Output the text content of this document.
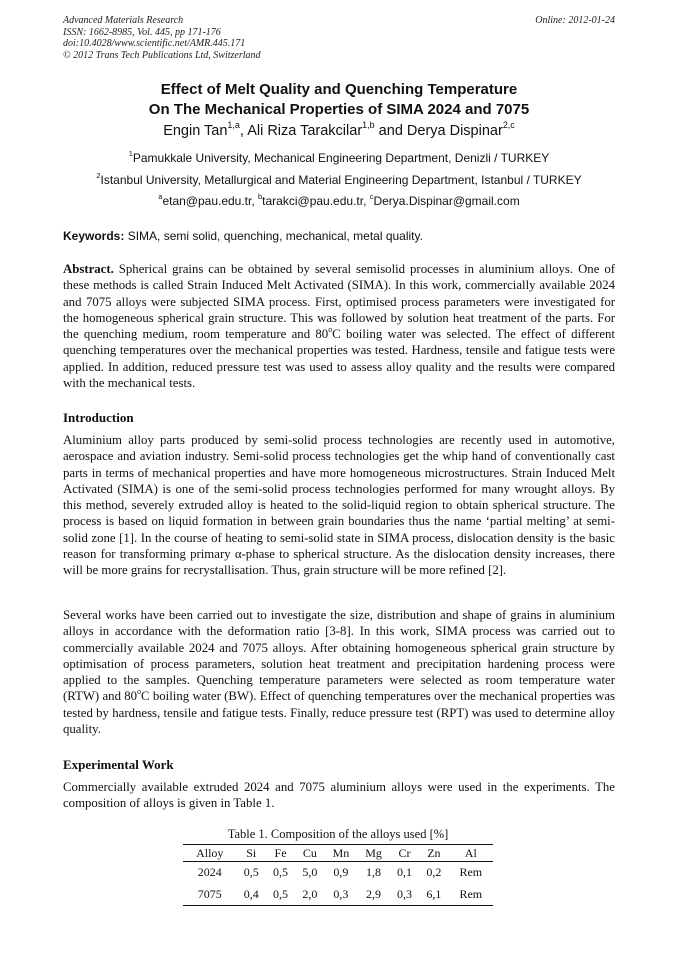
Advanced Materials Research
ISSN: 1662-8985, Vol. 445, pp 171-176
doi:10.4028/www.scientific.net/AMR.445.171
© 2012 Trans Tech Publications Ltd, Switzerland
Online: 2012-01-24
Effect of Melt Quality and Quenching Temperature
On The Mechanical Properties of SIMA 2024 and 7075
Engin Tan$^{1,a}$, Ali Riza Tarakcilar$^{1,b}$ and Derya Dispinar$^{2,c}$
$^1$Pamukkale University, Mechanical Engineering Department, Denizli / TURKEY
$^2$Istanbul University, Metallurgical and Material Engineering Department, Istanbul / TURKEY
$^a$etan@pau.edu.tr, $^b$tarakci@pau.edu.tr, $^c$Derya.Dispinar@gmail.com
Keywords: SIMA, semi solid, quenching, mechanical, metal quality.
Abstract. Spherical grains can be obtained by several semisolid processes in aluminium alloys. One of these methods is called Strain Induced Melt Activated (SIMA). In this work, commercially available 2024 and 7075 alloys were subjected SIMA process. First, optimised process parameters were investigated for the homogeneous spherical grain structure. This was followed by solution heat treatment of the parts. For the quenching medium, room temperature and 80$^o$C boiling water was selected. The effect of different quenching temperatures over the mechanical properties was tested. Hardness, tensile and fatigue tests were applied. In addition, reduced pressure test was used to assess alloy quality and the results were compared with the mechanical tests.
Introduction
Aluminium alloy parts produced by semi-solid process technologies are recently used in automotive, aerospace and aviation industry. Semi-solid process technologies get the whip hand of conventionally cast parts in terms of mechanical properties and have more homogeneous microstructures. Strain Induced Melt Activated (SIMA) is one of the semi-solid process technologies performed for many wrought alloys. By this method, severely extruded alloy is heated to the solid-liquid region to obtain spherical structure. The process is based on liquid formation in between grain boundaries thus the name ‘partial melting’ at semi-solid zone [1]. In the course of heating to semi-solid state in SIMA process, dislocation density is the basic reason for transforming primary α-phase to spherical structure. As the dislocation density increases, there will be more grains for recrystallisation. Thus, grain structure will be more refined [2].
Several works have been carried out to investigate the size, distribution and shape of grains in aluminium alloys in accordance with the deformation ratio [3-8]. In this work, SIMA process was carried out to commercially available 2024 and 7075 alloys. After obtaining homogeneous spherical grain structure by optimisation of process parameters, solution heat treatment and precipitation hardening process were applied to the samples. Quenching temperature parameters were selected as room temperature water (RTW) and 80$^o$C boiling water (BW). Effect of quenching temperatures over the mechanical properties was tested by hardness, tensile and fatigue tests. Finally, reduce pressure test (RPT) was used to determine alloy quality.
Experimental Work
Commercially available extruded 2024 and 7075 aluminium alloys were used in the experiments. The composition of alloys is given in Table 1.
Table 1. Composition of the alloys used [%]
Alloy	Si	Fe	Cu	Mn	Mg	Cr	Zn	Al
2024	0,5	0,5	5,0	0,9	1,8	0,1	0,2	Rem
7075	0,4	0,5	2,0	0,3	2,9	0,3	6,1	Rem
